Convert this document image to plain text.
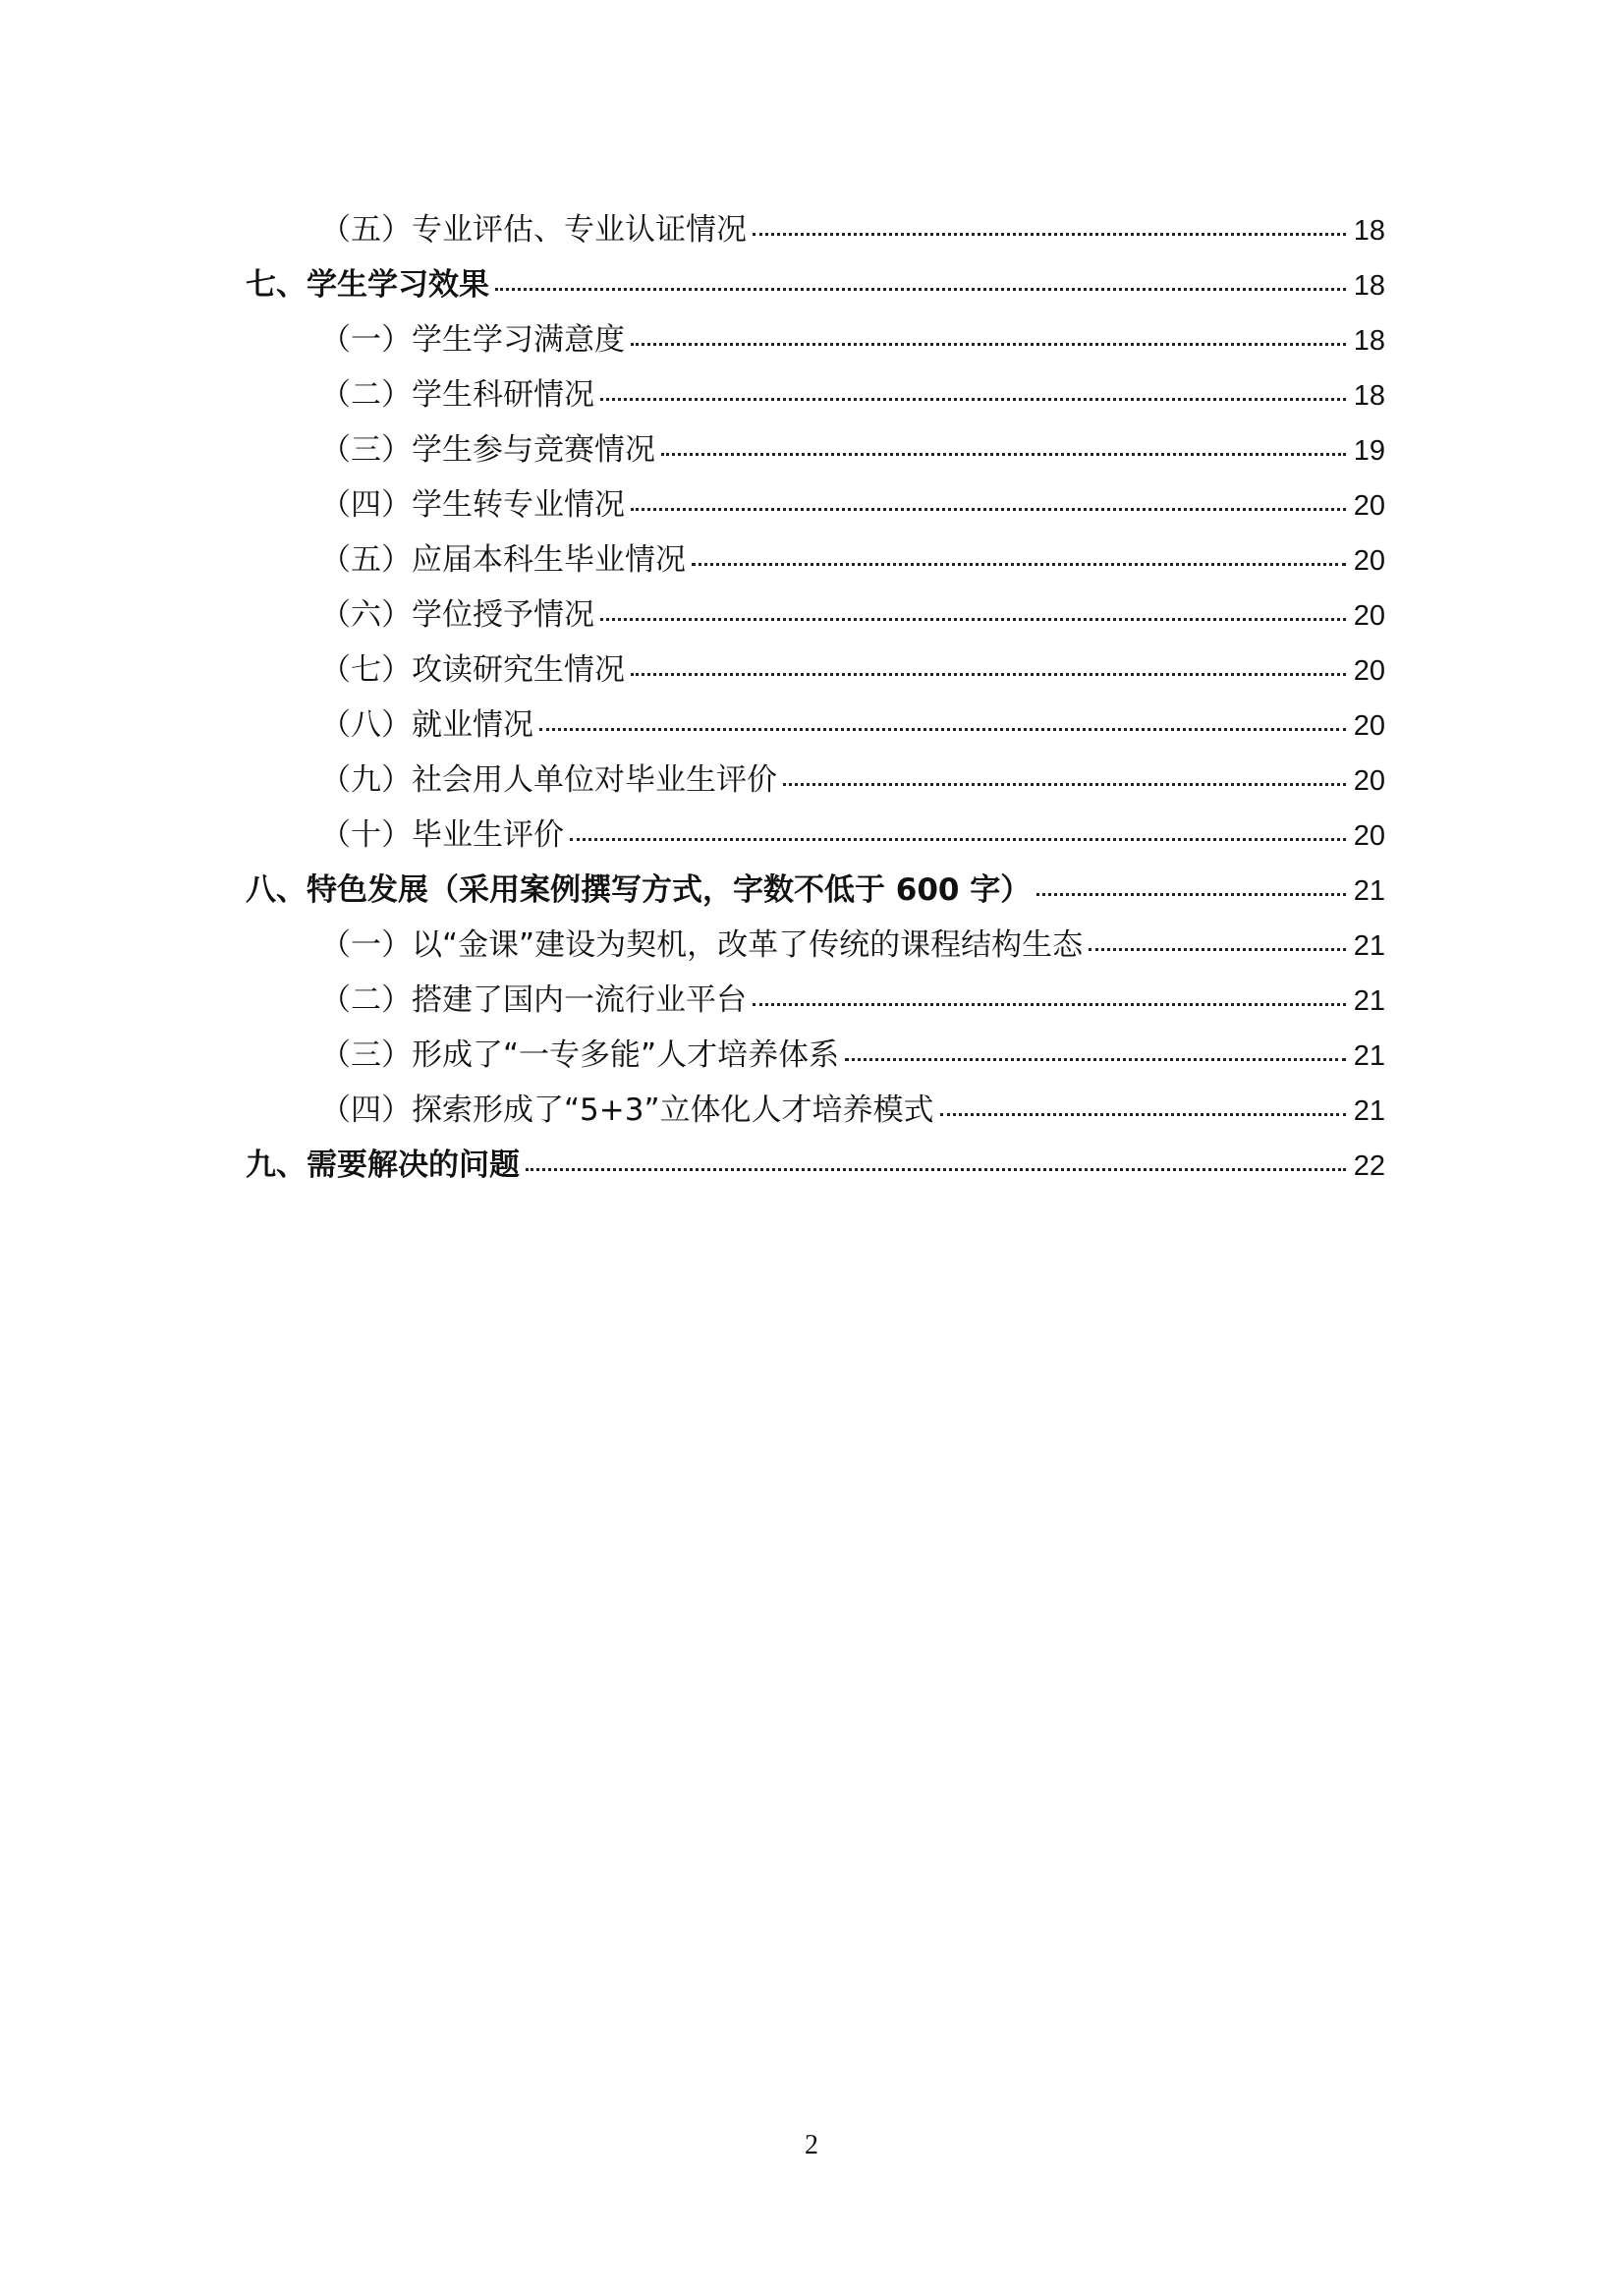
（五）专业评估、专业认证情况	18
七、学生学习效果	18
（一）学生学习满意度	18
（二）学生科研情况	18
（三）学生参与竞赛情况	19
（四）学生转专业情况	20
（五）应届本科生毕业情况	20
（六）学位授予情况	20
（七）攻读研究生情况	20
（八）就业情况	20
（九）社会用人单位对毕业生评价	20
（十）毕业生评价	20
八、特色发展（采用案例撰写方式，字数不低于 600 字）	21
（一）以“金课”建设为契机，改革了传统的课程结构生态	21
（二）搭建了国内一流行业平台	21
（三）形成了“一专多能”人才培养体系	21
（四）探索形成了“5+3”立体化人才培养模式	21
九、需要解决的问题	22
2
